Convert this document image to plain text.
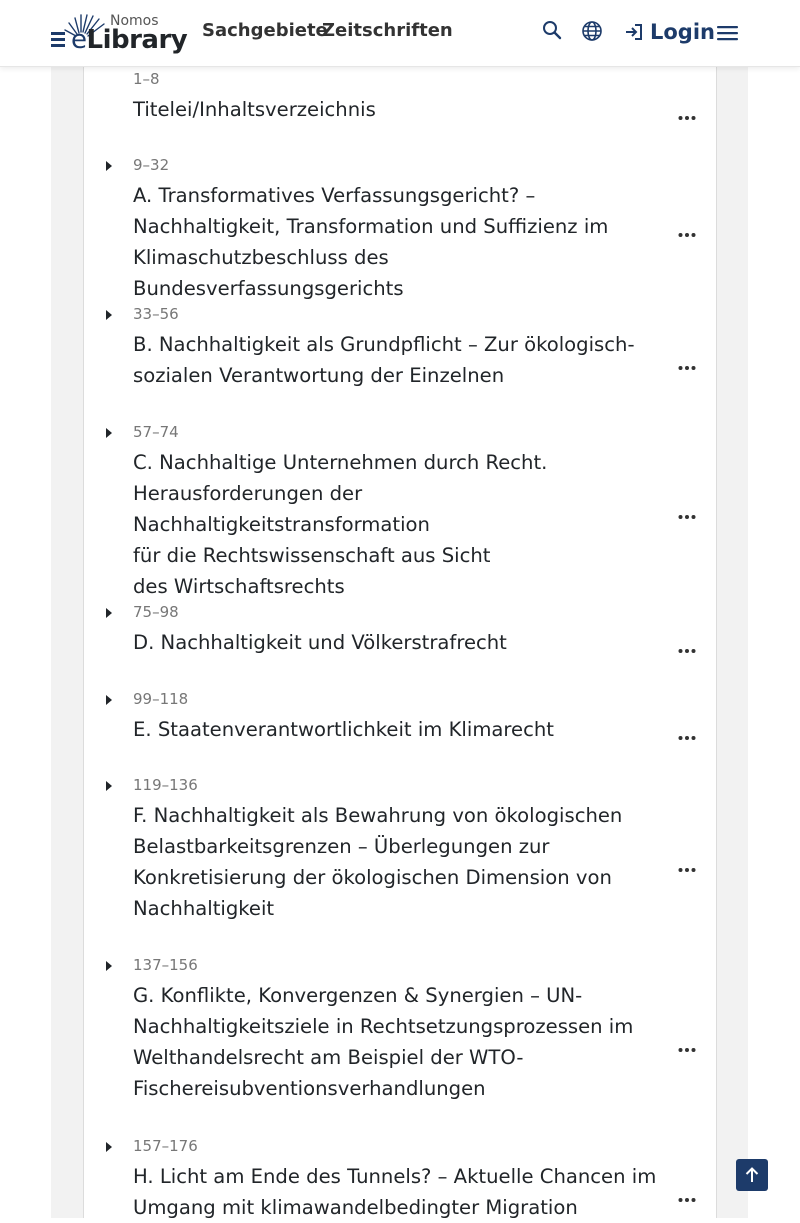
Nomos
eLibrary Sachgebiete
Zeitschriften	Login
1–8
Titelei/Inhaltsverzeichnis
9–32
A. Transformatives Verfassungsgericht? –
Nachhaltigkeit, Transformation und Suffizienz im
Klimaschutzbeschluss des Bundesverfassungsgerichts
33–56
B. Nachhaltigkeit als Grundpflicht – Zur ökologisch-
sozialen Verantwortung der Einzelnen
57–74
C. Nachhaltige Unternehmen durch Recht.
Herausforderungen der Nachhaltigkeitstransformation
für die Rechtswissenschaft aus Sicht
des Wirtschaftsrechts
75–98
D. Nachhaltigkeit und Völkerstrafrecht
99–118
E. Staatenverantwortlichkeit im Klimarecht
119–136
F. Nachhaltigkeit als Bewahrung von ökologischen
Belastbarkeitsgrenzen – Überlegungen zur
Konkretisierung der ökologischen Dimension von
Nachhaltigkeit
137–156
G. Konflikte, Konvergenzen & Synergien – UN-
Nachhaltigkeitsziele in Rechtsetzungsprozessen im
Welthandelsrecht am Beispiel der WTO-
Fischereisubventionsverhandlungen
157–176
H. Licht am Ende des Tunnels? – Aktuelle Chancen im
Umgang mit klimawandelbedingter Migration
